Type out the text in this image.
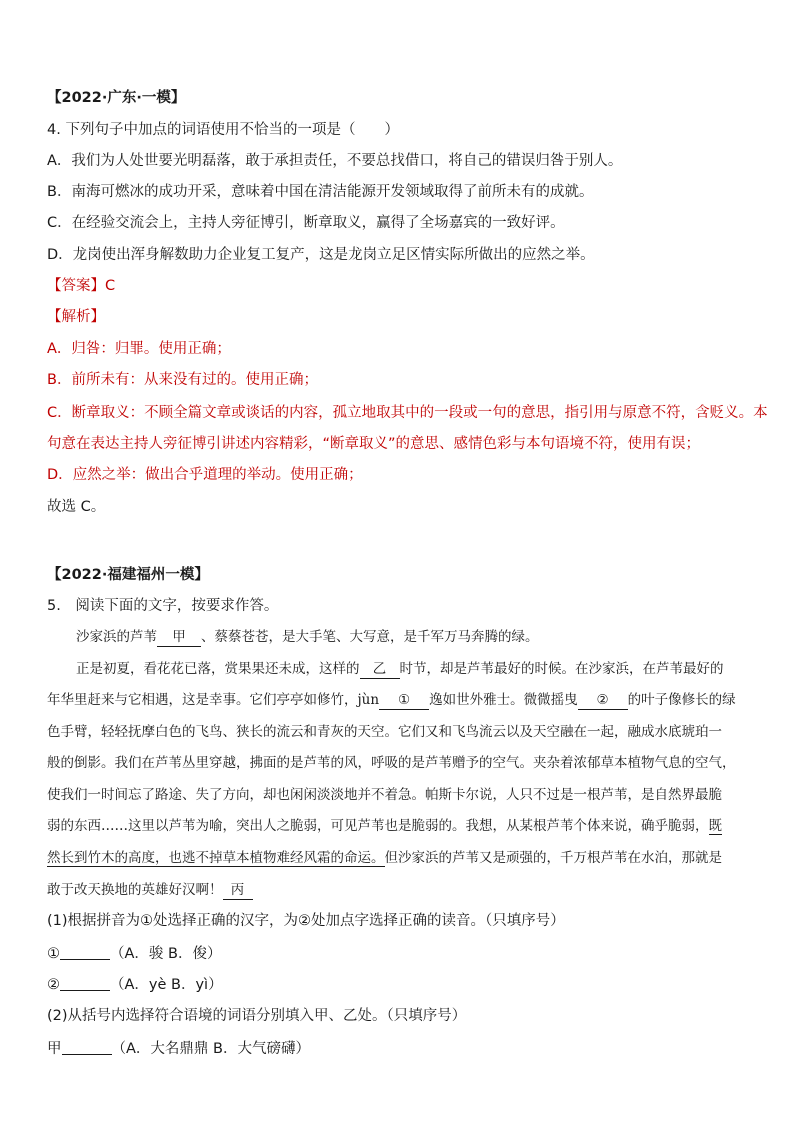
【2022·广东·一模】
4. 下列句子中加点的词语使用不恰当的一项是（　　）
A．我们为人处世要光明磊落，敢于承担责任，不要总找借口，将自己的错误归咎于别人。
B．南海可燃冰的成功开采，意味着中国在清洁能源开发领域取得了前所未有的成就。
C．在经验交流会上，主持人旁征博引，断章取义，赢得了全场嘉宾的一致好评。
D．龙岗使出浑身解数助力企业复工复产，这是龙岗立足区情实际所做出的应然之举。
【答案】C
【解析】
A．归咎：归罪。使用正确；
B．前所未有：从来没有过的。使用正确；
C．断章取义：不顾全篇文章或谈话的内容，孤立地取其中的一段或一句的意思，指引用与原意不符，含贬义。本
句意在表达主持人旁征博引讲述内容精彩，“断章取义”的意思、感情色彩与本句语境不符，使用有误；
D．应然之举：做出合乎道理的举动。使用正确；
故选 C。
【2022·福建福州一模】
5.　阅读下面的文字，按要求作答。
沙家浜的芦苇 甲 、蔡蔡苍苍，是大手笔、大写意，是千军万马奔腾的绿。
正是初夏，看花花已落，赏果果还未成，这样的 乙 时节，却是芦苇最好的时候。在沙家浜，在芦苇最好的
年华里赶来与它相遇，这是幸事。它们亭亭如修竹，jùn ① 逸如世外雅士。微微摇曳 ② 的叶子像修长的绿
色手臂，轻轻抚摩白色的飞鸟、狭长的流云和青灰的天空。它们又和飞鸟流云以及天空融在一起，融成水底琥珀一
般的倒影。我们在芦苇丛里穿越，拂面的是芦苇的风，呼吸的是芦苇赠予的空气。夹杂着浓郁草本植物气息的空气，
使我们一时间忘了路途、失了方向，却也闲闲淡淡地并不着急。帕斯卡尔说，人只不过是一根芦苇，是自然界最脆
弱的东西……这里以芦苇为喻，突出人之脆弱，可见芦苇也是脆弱的。我想，从某根芦苇个体来说，确乎脆弱，既
然长到竹木的高度，也逃不掉草本植物难经风霜的命运。但沙家浜的芦苇又是顽强的，千万根芦苇在水泊，那就是
敢于改天换地的英雄好汉啊！ 丙
(1)根据拼音为①处选择正确的汉字，为②处加点字选择正确的读音。（只填序号）
①	（A．骏 B．俊）
②	（A．yè B．yì）
(2)从括号内选择符合语境的词语分别填入甲、乙处。（只填序号）
甲	（A．大名鼎鼎 B．大气磅礴）
